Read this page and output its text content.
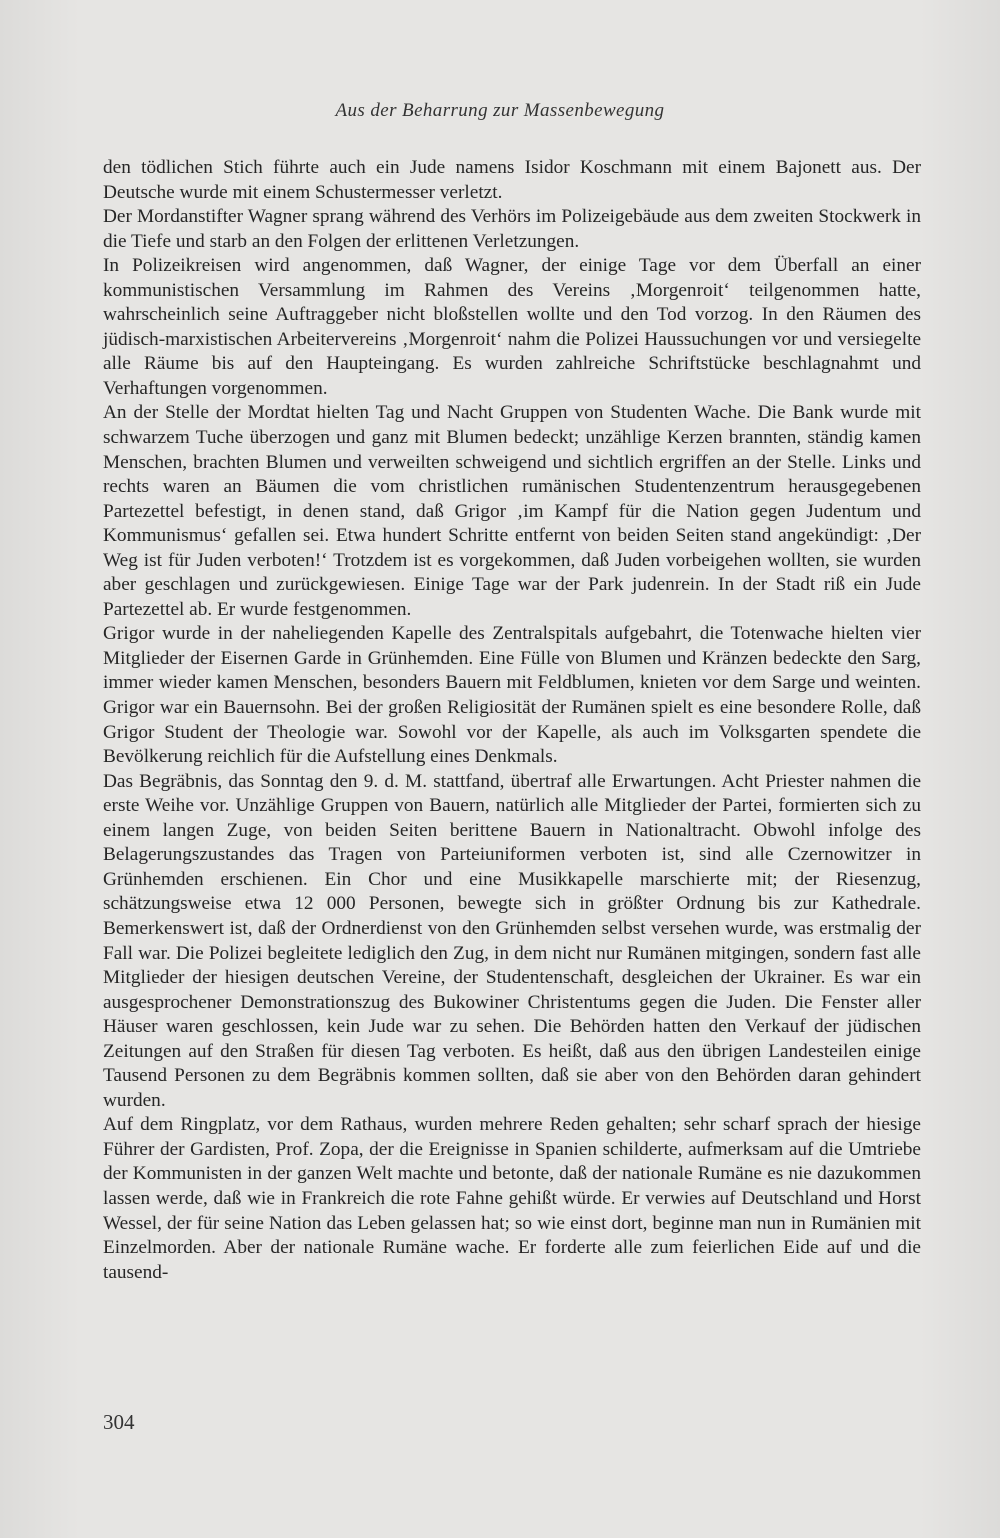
Aus der Beharrung zur Massenbewegung

den tödlichen Stich führte auch ein Jude namens Isidor Koschmann mit einem Bajonett aus. Der Deutsche wurde mit einem Schustermesser verletzt.

Der Mordanstifter Wagner sprang während des Verhörs im Polizeigebäude aus dem zweiten Stockwerk in die Tiefe und starb an den Folgen der erlittenen Verletzungen.

In Polizeikreisen wird angenommen, daß Wagner, der einige Tage vor dem Überfall an einer kommunistischen Versammlung im Rahmen des Vereins ‚Morgenroit‘ teilgenommen hatte, wahrscheinlich seine Auftraggeber nicht bloßstellen wollte und den Tod vorzog. In den Räumen des jüdisch-marxistischen Arbeitervereins ‚Morgenroit‘ nahm die Polizei Haussuchungen vor und versiegelte alle Räume bis auf den Haupteingang. Es wurden zahlreiche Schriftstücke beschlagnahmt und Verhaftungen vorgenommen.

An der Stelle der Mordtat hielten Tag und Nacht Gruppen von Studenten Wache. Die Bank wurde mit schwarzem Tuche überzogen und ganz mit Blumen bedeckt; unzählige Kerzen brannten, ständig kamen Menschen, brachten Blumen und verweilten schweigend und sichtlich ergriffen an der Stelle. Links und rechts waren an Bäumen die vom christlichen rumänischen Studentenzentrum herausgegebenen Partezettel befestigt, in denen stand, daß Grigor ‚im Kampf für die Nation gegen Judentum und Kommunismus‘ gefallen sei. Etwa hundert Schritte entfernt von beiden Seiten stand angekündigt: ‚Der Weg ist für Juden verboten!‘ Trotzdem ist es vorgekommen, daß Juden vorbeigehen wollten, sie wurden aber geschlagen und zurückgewiesen. Einige Tage war der Park judenrein. In der Stadt riß ein Jude Partezettel ab. Er wurde festgenommen.

Grigor wurde in der naheliegenden Kapelle des Zentralspitals aufgebahrt, die Totenwache hielten vier Mitglieder der Eisernen Garde in Grünhemden. Eine Fülle von Blumen und Kränzen bedeckte den Sarg, immer wieder kamen Menschen, besonders Bauern mit Feldblumen, knieten vor dem Sarge und weinten. Grigor war ein Bauernsohn. Bei der großen Religiosität der Rumänen spielt es eine besondere Rolle, daß Grigor Student der Theologie war. Sowohl vor der Kapelle, als auch im Volksgarten spendete die Bevölkerung reichlich für die Aufstellung eines Denkmals.

Das Begräbnis, das Sonntag den 9. d. M. stattfand, übertraf alle Erwartungen. Acht Priester nahmen die erste Weihe vor. Unzählige Gruppen von Bauern, natürlich alle Mitglieder der Partei, formierten sich zu einem langen Zuge, von beiden Seiten berittene Bauern in Nationaltracht. Obwohl infolge des Belagerungszustandes das Tragen von Parteiuniformen verboten ist, sind alle Czernowitzer in Grünhemden erschienen. Ein Chor und eine Musikkapelle marschierte mit; der Riesenzug, schätzungsweise etwa 12 000 Personen, bewegte sich in größter Ordnung bis zur Kathedrale. Bemerkenswert ist, daß der Ordnerdienst von den Grünhemden selbst versehen wurde, was erstmalig der Fall war. Die Polizei begleitete lediglich den Zug, in dem nicht nur Rumänen mitgingen, sondern fast alle Mitglieder der hiesigen deutschen Vereine, der Studentenschaft, desgleichen der Ukrainer. Es war ein ausgesprochener Demonstrationszug des Bukowiner Christentums gegen die Juden. Die Fenster aller Häuser waren geschlossen, kein Jude war zu sehen. Die Behörden hatten den Verkauf der jüdischen Zeitungen auf den Straßen für diesen Tag verboten. Es heißt, daß aus den übrigen Landesteilen einige Tausend Personen zu dem Begräbnis kommen sollten, daß sie aber von den Behörden daran gehindert wurden.

Auf dem Ringplatz, vor dem Rathaus, wurden mehrere Reden gehalten; sehr scharf sprach der hiesige Führer der Gardisten, Prof. Zopa, der die Ereignisse in Spanien schilderte, aufmerksam auf die Umtriebe der Kommunisten in der ganzen Welt machte und betonte, daß der nationale Rumäne es nie dazukommen lassen werde, daß wie in Frankreich die rote Fahne gehißt würde. Er verwies auf Deutschland und Horst Wessel, der für seine Nation das Leben gelassen hat; so wie einst dort, beginne man nun in Rumänien mit Einzelmorden. Aber der nationale Rumäne wache. Er forderte alle zum feierlichen Eide auf und die tausend-

304
